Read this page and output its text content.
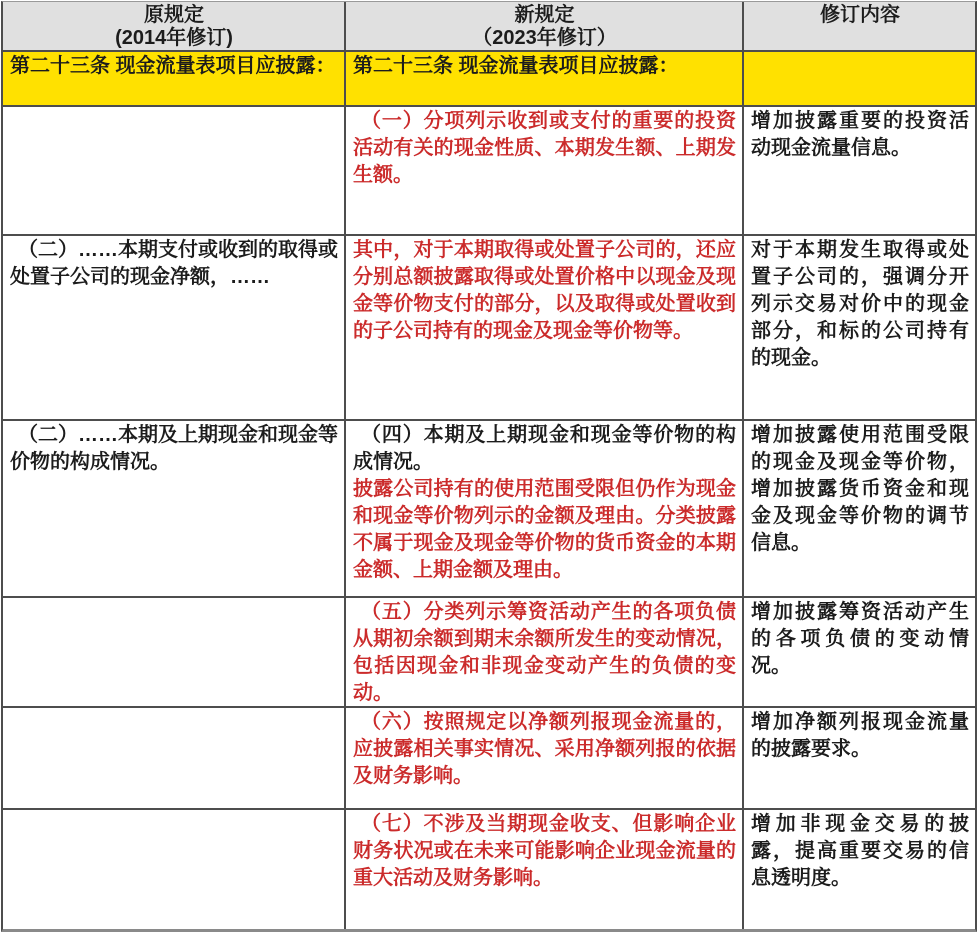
原规定
(2014年修订)
新规定
（2023年修订）
修订内容
第二十三条 现金流量表项目应披露： 第二十三条 现金流量表项目应披露：
（一）分项列示收到或支付的重要的投资活动有关的现金性质、本期发生额、上期发生额。
增加披露重要的投资活动现金流量信息。
（二）……本期支付或收到的取得或处置子公司的现金净额，……
其中，对于本期取得或处置子公司的，还应分别总额披露取得或处置价格中以现金及现金等价物支付的部分，以及取得或处置收到的子公司持有的现金及现金等价物等。
对于本期发生取得或处置子公司的，强调分开列示交易对价中的现金部分，和标的公司持有的现金。
（二）……本期及上期现金和现金等价物的构成情况。
（四）本期及上期现金和现金等价物的构成情况。
披露公司持有的使用范围受限但仍作为现金和现金等价物列示的金额及理由。分类披露不属于现金及现金等价物的货币资金的本期金额、上期金额及理由。
增加披露使用范围受限的现金及现金等价物，增加披露货币资金和现金及现金等价物的调节信息。
（五）分类列示筹资活动产生的各项负债从期初余额到期末余额所发生的变动情况，包括因现金和非现金变动产生的负债的变动。
增加披露筹资活动产生的各项负债的变动情况。
（六）按照规定以净额列报现金流量的，应披露相关事实情况、采用净额列报的依据及财务影响。
增加净额列报现金流量的披露要求。
（七）不涉及当期现金收支、但影响企业财务状况或在未来可能影响企业现金流量的重大活动及财务影响。
增加非现金交易的披露，提高重要交易的信息透明度。
